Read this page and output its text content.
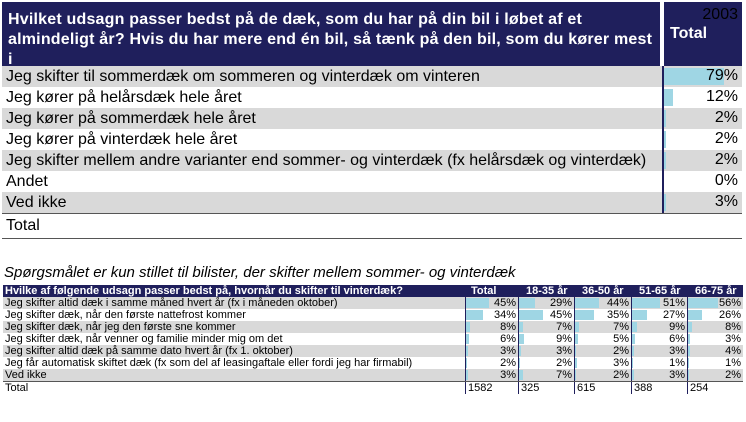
Hvilket udsagn passer bedst på de dæk, som du har på din bil i løbet af et almindeligt år? Hvis du har mere end én bil, så tænk på den bil, som du kører mest i
Total
Jeg skifter til sommerdæk om sommeren og vinterdæk om vinteren	79%
Jeg kører på helårsdæk hele året	12%
Jeg kører på sommerdæk hele året	2%
Jeg kører på vinterdæk hele året	2%
Jeg skifter mellem andre varianter end sommer- og vinterdæk (fx helårsdæk og vinterdæk)	2%
Andet	0%
Ved ikke	3%
Total
2003
Spørgsmålet er kun stillet til bilister, der skifter mellem sommer- og vinterdæk
Hvilke af følgende udsagn passer bedst på, hvornår du skifter til vinterdæk?	Total	18-35 år	36-50 år	51-65 år	66-75 år
Jeg skifter altid dæk i samme måned hvert år (fx i måneden oktober)	45%	29%	44%	51%	56%
Jeg skifter dæk, når den første nattefrost kommer	34%	45%	35%	27%	26%
Jeg skifter dæk, når jeg den første sne kommer	8%	7%	7%	9%	8%
Jeg skifter dæk, når venner og familie minder mig om det	6%	9%	5%	6%	3%
Jeg skifter altid dæk på samme dato hvert år (fx 1. oktober)	3%	3%	2%	3%	4%
Jeg får automatisk skiftet dæk (fx som del af leasingaftale eller fordi jeg har firmabil)	2%	2%	3%	1%	1%
Ved ikke	3%	7%	2%	3%	2%
Total	1582	325	615	388	254
